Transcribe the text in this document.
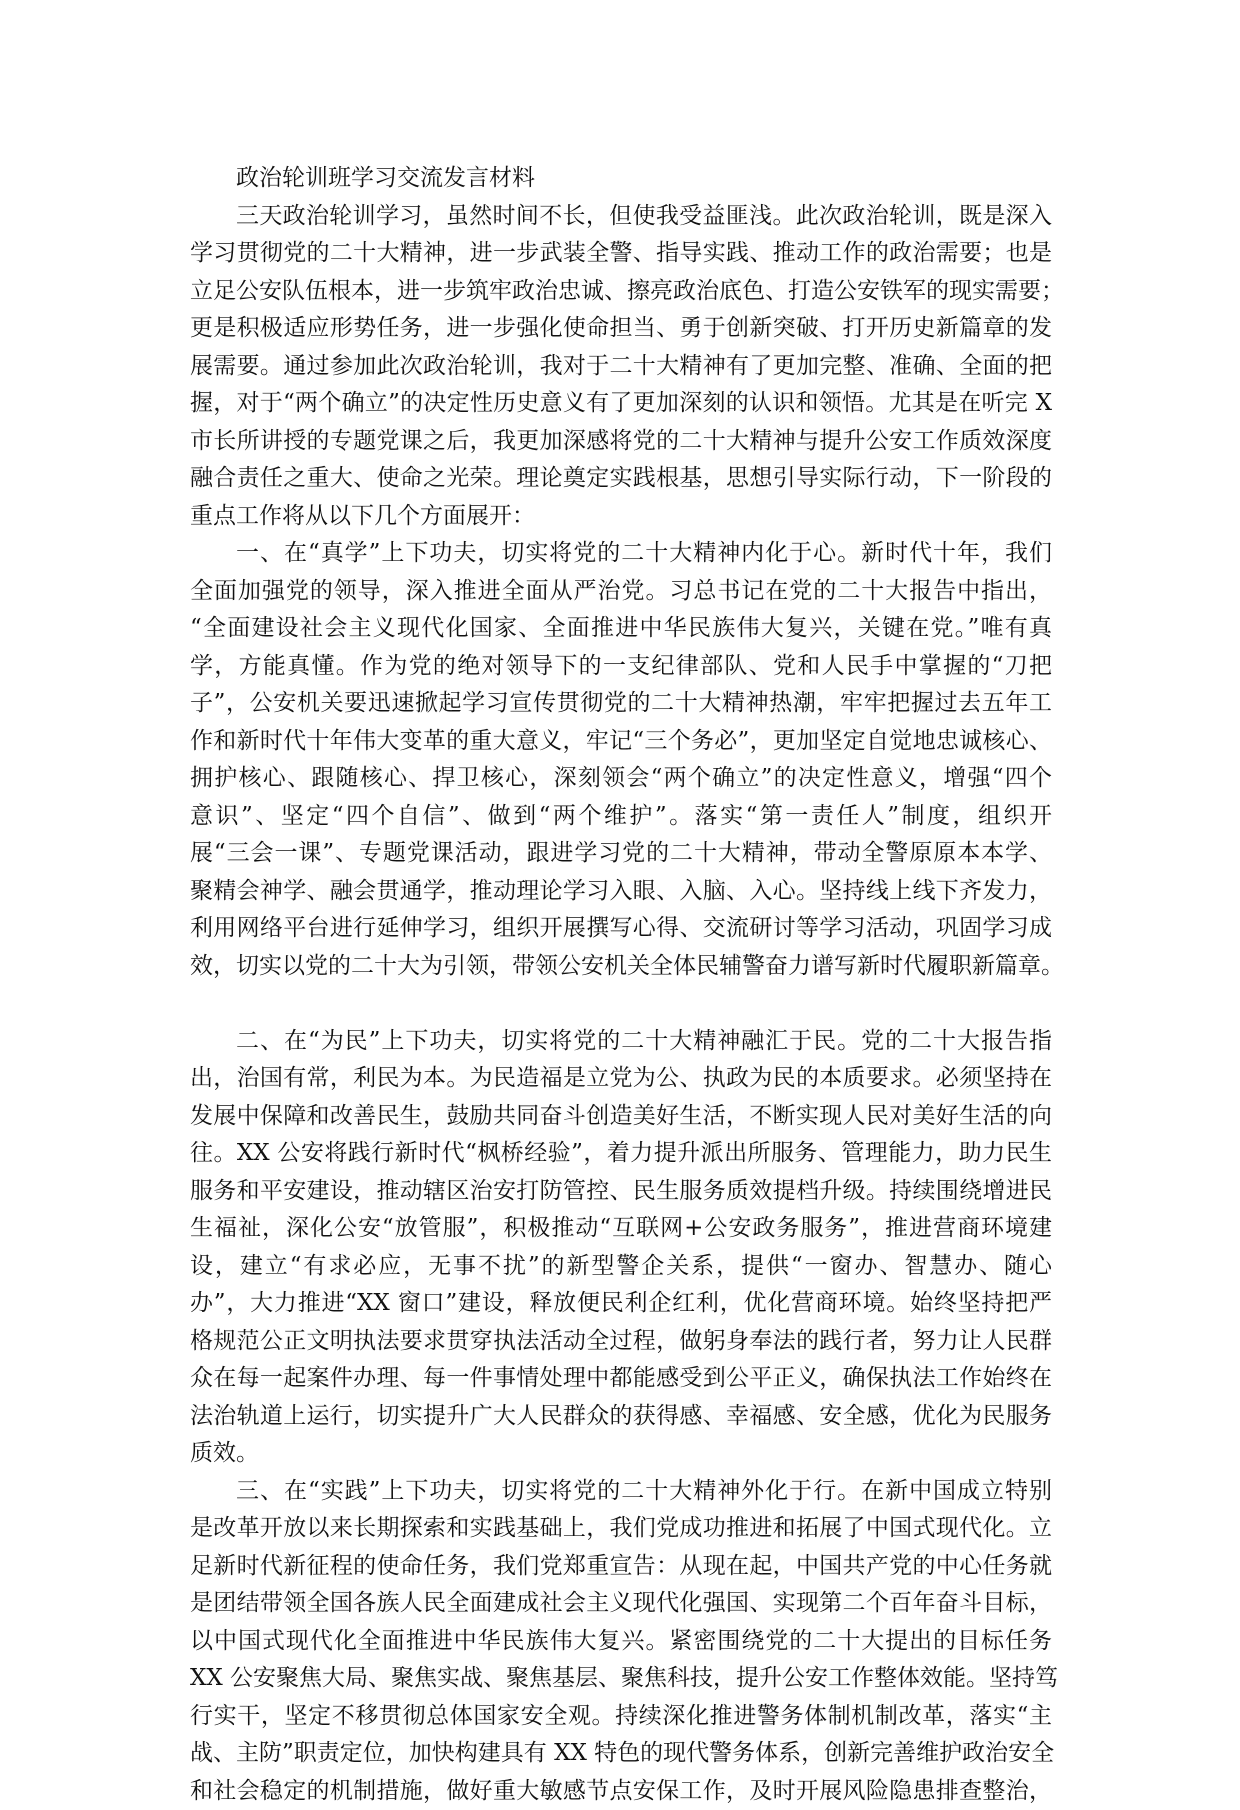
政治轮训班学习交流发言材料
三天政治轮训学习，虽然时间不长，但使我受益匪浅。此次政治轮训，既是深入
学习贯彻党的二十大精神，进一步武装全警、指导实践、推动工作的政治需要；也是
立足公安队伍根本，进一步筑牢政治忠诚、擦亮政治底色、打造公安铁军的现实需要；
更是积极适应形势任务，进一步强化使命担当、勇于创新突破、打开历史新篇章的发
展需要。通过参加此次政治轮训，我对于二十大精神有了更加完整、准确、全面的把
握，对于“两个确立”的决定性历史意义有了更加深刻的认识和领悟。尤其是在听完 X
市长所讲授的专题党课之后，我更加深感将党的二十大精神与提升公安工作质效深度
融合责任之重大、使命之光荣。理论奠定实践根基，思想引导实际行动，下一阶段的
重点工作将从以下几个方面展开：
一、在“真学”上下功夫，切实将党的二十大精神内化于心。新时代十年，我们
全面加强党的领导，深入推进全面从严治党。习总书记在党的二十大报告中指出，
“全面建设社会主义现代化国家、全面推进中华民族伟大复兴，关键在党。”唯有真
学，方能真懂。作为党的绝对领导下的一支纪律部队、党和人民手中掌握的“刀把
子”，公安机关要迅速掀起学习宣传贯彻党的二十大精神热潮，牢牢把握过去五年工
作和新时代十年伟大变革的重大意义，牢记“三个务必”，更加坚定自觉地忠诚核心、
拥护核心、跟随核心、捍卫核心，深刻领会“两个确立”的决定性意义，增强“四个
意识”、坚定“四个自信”、做到“两个维护”。落实“第一责任人”制度，组织开
展“三会一课”、专题党课活动，跟进学习党的二十大精神，带动全警原原本本学、
聚精会神学、融会贯通学，推动理论学习入眼、入脑、入心。坚持线上线下齐发力，
利用网络平台进行延伸学习，组织开展撰写心得、交流研讨等学习活动，巩固学习成
效，切实以党的二十大为引领，带领公安机关全体民辅警奋力谱写新时代履职新篇章。
二、在“为民”上下功夫，切实将党的二十大精神融汇于民。党的二十大报告指
出，治国有常，利民为本。为民造福是立党为公、执政为民的本质要求。必须坚持在
发展中保障和改善民生，鼓励共同奋斗创造美好生活，不断实现人民对美好生活的向
往。XX 公安将践行新时代“枫桥经验”，着力提升派出所服务、管理能力，助力民生
服务和平安建设，推动辖区治安打防管控、民生服务质效提档升级。持续围绕增进民
生福祉，深化公安“放管服”，积极推动“互联网+公安政务服务”，推进营商环境建
设，建立“有求必应，无事不扰”的新型警企关系，提供“一窗办、智慧办、随心
办”，大力推进“XX 窗口”建设，释放便民利企红利，优化营商环境。始终坚持把严
格规范公正文明执法要求贯穿执法活动全过程，做躬身奉法的践行者，努力让人民群
众在每一起案件办理、每一件事情处理中都能感受到公平正义，确保执法工作始终在
法治轨道上运行，切实提升广大人民群众的获得感、幸福感、安全感，优化为民服务
质效。
三、在“实践”上下功夫，切实将党的二十大精神外化于行。在新中国成立特别
是改革开放以来长期探索和实践基础上，我们党成功推进和拓展了中国式现代化。立
足新时代新征程的使命任务，我们党郑重宣告：从现在起，中国共产党的中心任务就
是团结带领全国各族人民全面建成社会主义现代化强国、实现第二个百年奋斗目标，
以中国式现代化全面推进中华民族伟大复兴。紧密围绕党的二十大提出的目标任务
XX 公安聚焦大局、聚焦实战、聚焦基层、聚焦科技，提升公安工作整体效能。坚持笃
行实干，坚定不移贯彻总体国家安全观。持续深化推进警务体制机制改革，落实“主
战、主防”职责定位，加快构建具有 XX 特色的现代警务体系，创新完善维护政治安全
和社会稳定的机制措施，做好重大敏感节点安保工作，及时开展风险隐患排查整治，
